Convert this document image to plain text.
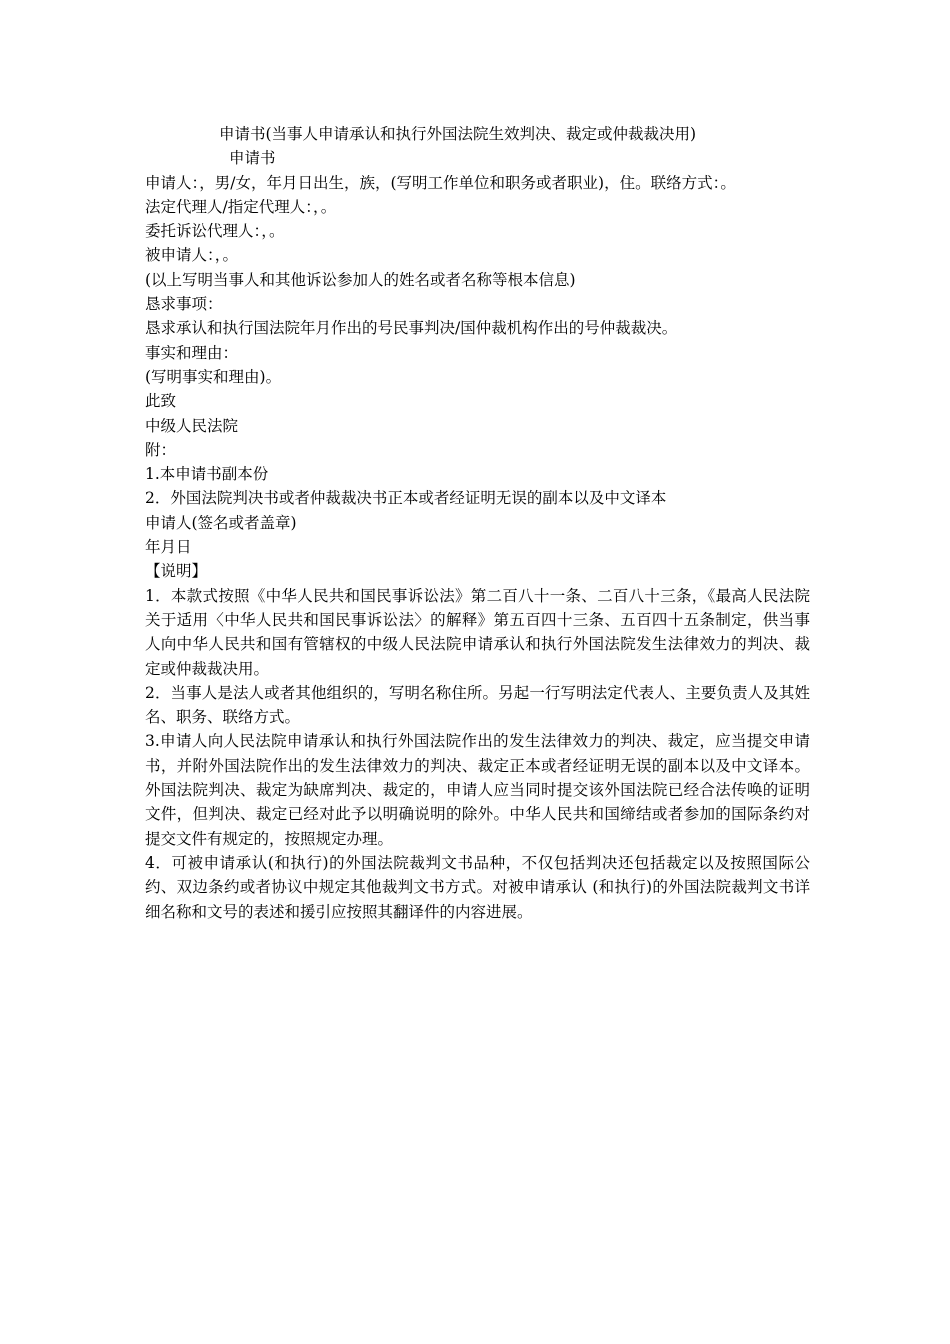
申请书(当事人申请承认和执行外国法院生效判决、裁定或仲裁裁决用)
申请书
申请人：，男/女，年月日出生，族，(写明工作单位和职务或者职业)，住。联络方式：。
法定代理人/指定代理人：，。
委托诉讼代理人：，。
被申请人：，。
(以上写明当事人和其他诉讼参加人的姓名或者名称等根本信息)
恳求事项：
恳求承认和执行国法院年月作出的号民事判决/国仲裁机构作出的号仲裁裁决。
事实和理由：
(写明事实和理由)。
此致
中级人民法院
附：
1.本申请书副本份
2．外国法院判决书或者仲裁裁决书正本或者经证明无误的副本以及中文译本
申请人(签名或者盖章)
年月日
【说明】
1．本款式按照《中华人民共和国民事诉讼法》第二百八十一条、二百八十三条，《最高人民法院关于适用〈中华人民共和国民事诉讼法〉的解释》第五百四十三条、五百四十五条制定，供当事人向中华人民共和国有管辖权的中级人民法院申请承认和执行外国法院发生法律效力的判决、裁定或仲裁裁决用。
2．当事人是法人或者其他组织的，写明名称住所。另起一行写明法定代表人、主要负责人及其姓名、职务、联络方式。
3.申请人向人民法院申请承认和执行外国法院作出的发生法律效力的判决、裁定，应当提交申请书，并附外国法院作出的发生法律效力的判决、裁定正本或者经证明无误的副本以及中文译本。外国法院判决、裁定为缺席判决、裁定的，申请人应当同时提交该外国法院已经合法传唤的证明文件，但判决、裁定已经对此予以明确说明的除外。中华人民共和国缔结或者参加的国际条约对提交文件有规定的，按照规定办理。
4．可被申请承认(和执行)的外国法院裁判文书品种，不仅包括判决还包括裁定以及按照国际公约、双边条约或者协议中规定其他裁判文书方式。对被申请承认 (和执行)的外国法院裁判文书详细名称和文号的表述和援引应按照其翻译件的内容进展。
